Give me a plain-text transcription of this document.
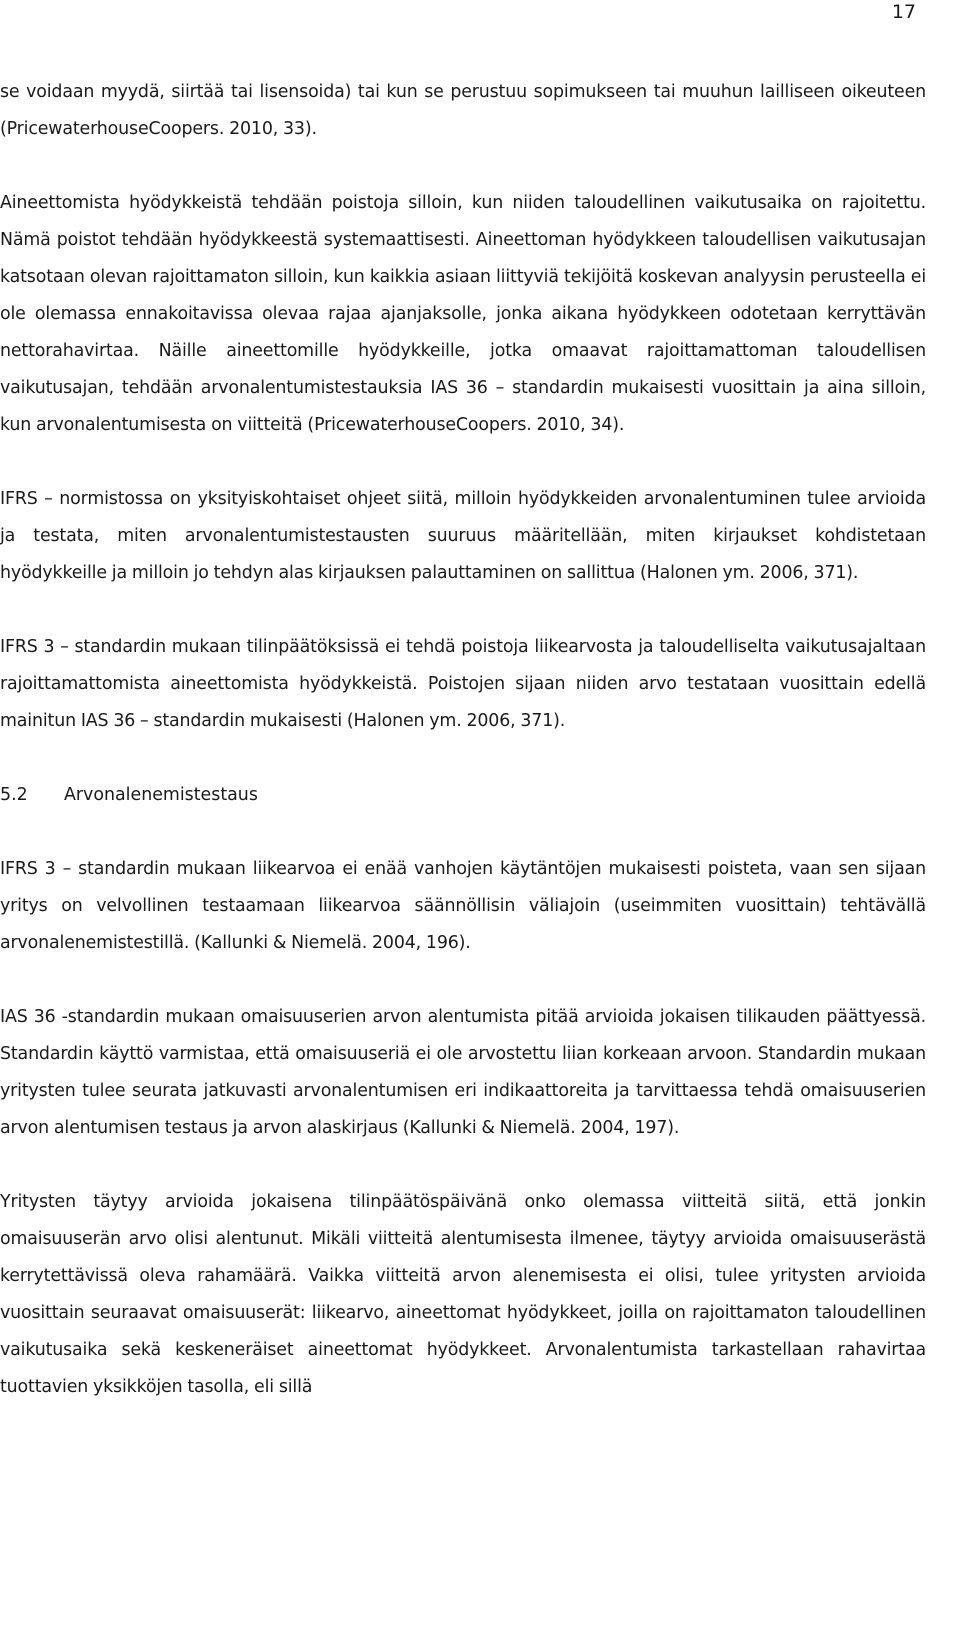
17

se voidaan myydä, siirtää tai lisensoida) tai kun se perustuu sopimukseen tai muuhun lailliseen oikeuteen (PricewaterhouseCoopers. 2010, 33).

Aineettomista hyödykkeistä tehdään poistoja silloin, kun niiden taloudellinen vaikutusaika on rajoitettu. Nämä poistot tehdään hyödykkeestä systemaattisesti. Aineettoman hyödykkeen taloudellisen vaikutusajan katsotaan olevan rajoittamaton silloin, kun kaikkia asiaan liittyviä tekijöitä koskevan analyysin perusteella ei ole olemassa ennakoitavissa olevaa rajaa ajanjaksolle, jonka aikana hyödykkeen odotetaan kerryttävän nettorahavirtaa. Näille aineettomille hyödykkeille, jotka omaavat rajoittamattoman taloudellisen vaikutusajan, tehdään arvonalentumistestauksia IAS 36 – standardin mukaisesti vuosittain ja aina silloin, kun arvonalentumisesta on viitteitä (PricewaterhouseCoopers. 2010, 34).

IFRS – normistossa on yksityiskohtaiset ohjeet siitä, milloin hyödykkeiden arvonalentuminen tulee arvioida ja testata, miten arvonalentumistestausten suuruus määritellään, miten kirjaukset kohdistetaan hyödykkeille ja milloin jo tehdyn alas kirjauksen palauttaminen on sallittua (Halonen ym. 2006, 371).

IFRS 3 – standardin mukaan tilinpäätöksissä ei tehdä poistoja liikearvosta ja taloudelliselta vaikutusajaltaan rajoittamattomista aineettomista hyödykkeistä. Poistojen sijaan niiden arvo testataan vuosittain edellä mainitun IAS 36 – standardin mukaisesti (Halonen ym. 2006, 371).

5.2	Arvonalenemistestaus

IFRS 3 – standardin mukaan liikearvoa ei enää vanhojen käytäntöjen mukaisesti poisteta, vaan sen sijaan yritys on velvollinen testaamaan liikearvoa säännöllisin väliajoin (useimmiten vuosittain) tehtävällä arvonalenemistestillä. (Kallunki & Niemelä. 2004, 196).

IAS 36 -standardin mukaan omaisuuserien arvon alentumista pitää arvioida jokaisen tilikauden päättyessä. Standardin käyttö varmistaa, että omaisuuseriä ei ole arvostettu liian korkeaan arvoon. Standardin mukaan yritysten tulee seurata jatkuvasti arvonalentumisen eri indikaattoreita ja tarvittaessa tehdä omaisuuserien arvon alentumisen testaus ja arvon alaskirjaus (Kallunki & Niemelä. 2004, 197).

Yritysten täytyy arvioida jokaisena tilinpäätöspäivänä onko olemassa viitteitä siitä, että jonkin omaisuuserän arvo olisi alentunut. Mikäli viitteitä alentumisesta ilmenee, täytyy arvioida omaisuuserästä kerrytettävissä oleva rahamäärä. Vaikka viitteitä arvon alenemisesta ei olisi, tulee yritysten arvioida vuosittain seuraavat omaisuuserät: liikearvo, aineettomat hyödykkeet, joilla on rajoittamaton taloudellinen vaikutusaika sekä keskeneräiset aineettomat hyödykkeet. Arvonalentumista tarkastellaan rahavirtaa tuottavien yksikköjen tasolla, eli sillä
